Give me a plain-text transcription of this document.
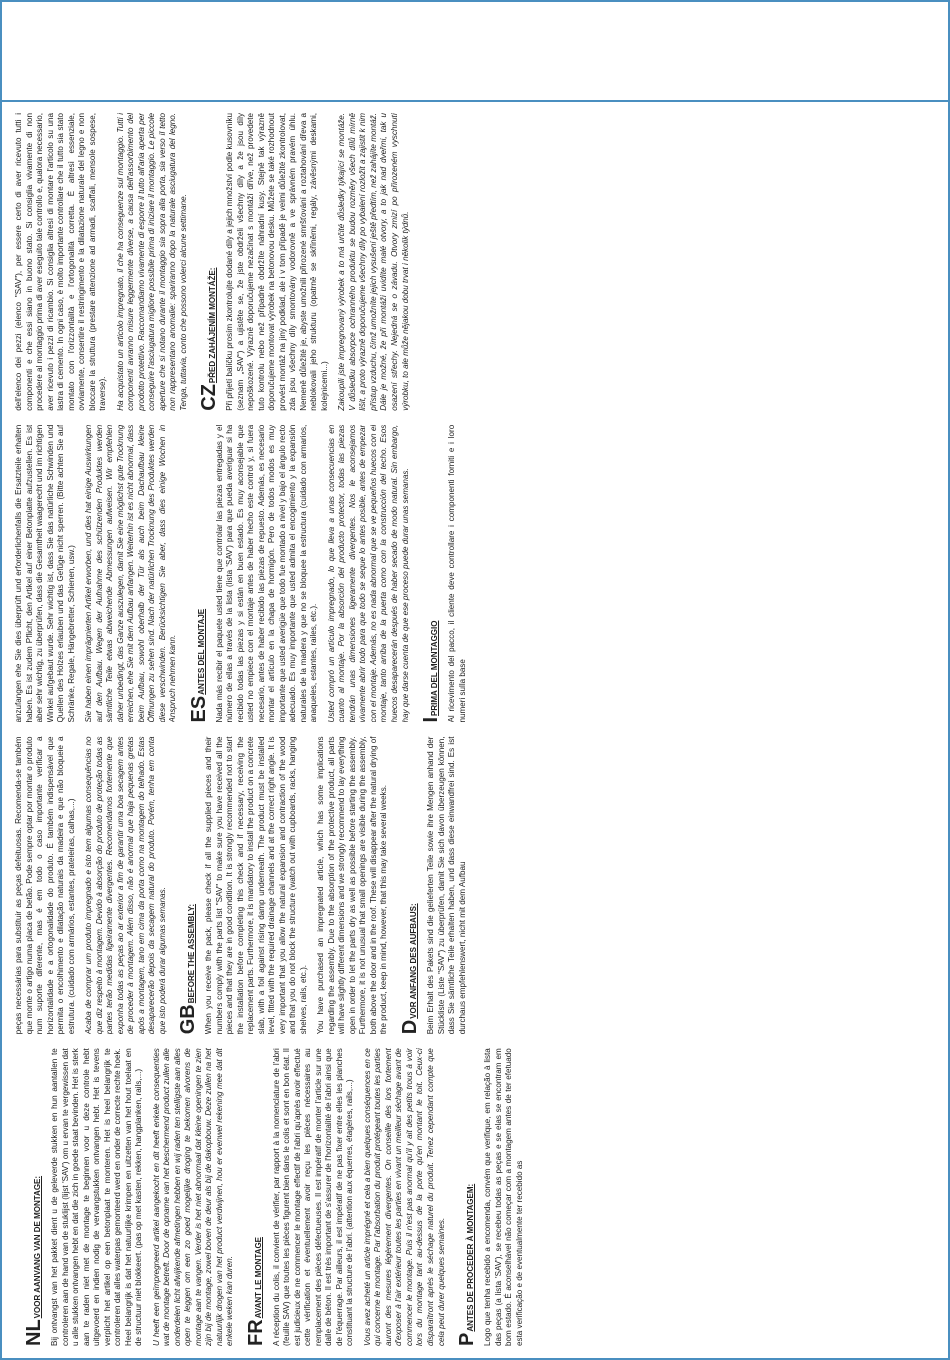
NL
VOOR AANVANG VAN DE MONTAGE: Bij ontvangst van het pakket dient u de geleverde stukken en hun aantallen te controleren aan de hand van de stuklijst (lijst 'SAV') om u ervan te vergewissen dat u alle stukken ontvangen hebt en dat die zich in goede staat bevinden. Het is sterk aan te raden niet met de montage te beginnen voor u deze controle hebt uitgevoerd en indien nodig de vervangstukken ontvangen hebt. Het is tevens verplicht het artikel op een betonplaat te monteren. Het is heel belangrijk te controleren dat alles waterpas gemonteerd werd en onder de correcte rechte hoek. Heel belangrijk is dat het natuurlijke krimpen en uitzetten van het hout toelaat en de structuur niet blokkeert. (pas op met kasten, rekken, hangplanken, rails,...) U heeft een geïmpregneerd artikel aangekocht en dit heeft enkele consequenties wat de montage betreft. Door de opname van het beschermend product zullen alle onderdelen licht afwijkende afmetingen hebben en wij raden ten stelligste aan alles open te leggen om een zo goed mogelijke droging te bekomen alvorens de montage aan te vangen. Verder is het niet abnormaal dat kleine openingen te zien zijn bij de montage, zowel boven de deur als bij de dakopbouw. Deze zullen na het natuurlijk drogen van het product verdwijnen, hou er evenwel rekening mee dat dit enkele weken kan duren. FR
AVANT LE MONTAGE A réception du colis, il convient de vérifier, par rapport à la nomenclature de l'abri (feuille SAV) que toutes les pièces figurent bien dans le colis et sont en bon état. Il est judicieux de ne commencer le montage effectif de l'abri qu'après avoir effectué cette vérification et éventuellement avoir reçu les pièces nécessaires au remplacement des pièces défectueuses. Il est impératif de monter l'article sur une dalle de béton. Il est très important de s'assurer de l'horizontalité de l'abri ainsi que de l'équerrage. Par ailleurs, il est impératif de ne pas fixer entre elles les planches constituant la structure de l'abri. (attention aux équerres, étagères, rails,...) Vous avez acheté un article imprégné et cela a bien quelques conséquences en ce qui concerne le montage. Par l'absorbation du produit protégeant toutes les parties auront des mesures légèrement divergentes. On conseille dès lors fortement d'exposer à l'air extérieur toutes les parties en vivant un meilleur séchage avant de commencer le montage. Puis il n'est pas anormal qu'il y ait des petits trous à voir lors du montage tant au-dessus de la porte qu'en montant le toit. Ceux-ci disparaîtront après le séchage naturel du produit. Tenez cependant compte que cela peut durer quelques semaines. P
ANTES DE PROCEDER À MONTAGEM: Logo que tenha recebido a encomenda, convém que verifique, em relação à lista das peças (a lista 'SAV'), se recebeu todas as peças e se elas se encontram em bom estado. É aconselhável não começar com a montagem antes de ter efetuado esta verificação e de eventualmente ter recebido as

peças necessárias para substituir as peças defeituosas. Recomenda-se também que monte o artigo numa placa de betão. Pode sempre optar por montar o produto num suporte diferente, mas é em todo o caso importante verificar a horizontalidade e a ortogonalidade do produto. É também indispensável que permita o encolhimento e dilatação naturais da madeira e que não bloqueie a estrutura. (cuidado com armários, estantes, prateleiras, calhas,...) Acaba de comprar um produto impregnado e isto tem algumas consequências no que diz respeito à montagem. Devido à absorção do produto de proteção todas as partes terão medidas ligeiramente divergentes. Recomendamos fortemente que exponha todas as peças ao ar exterior a fim de garantir uma boa secagem antes de proceder à montagem. Além disso, não é anormal que haja pequenas gretas após a montagem, tano em cima da porta como na montagem do telhado. Estas desaparecerão depois da secagem natural do produto. Porém, tenha em conta que isto poderá durar algumas semanas. GB
BEFORE THE ASSEMBLY: When you receive the pack, please check if all the supplied pieces and their numbers comply with the parts list "SAV" to make sure you have received all the pieces and that they are in good condition. It is strongly recommended not to start the installation before completing this check and if necessary, receiving the replacement parts. Furthermore, it is mandatory to install the product on a concrete slab, with a foil against rising damp underneath. The product must be installed level, fitted with the required drainage channels and at the correct right angle. It is very important that you allow the natural expansion and contraction of the wood and that you do not block the structure (watch out with cupboards, racks, hanging shelves, rails, etc.). You have purchased an impregnated article, which has some implications regarding the assembly. Due to the absorption of the protective product, all parts will have slightly different dimensions and we strongly recommend to lay everything open in order to let the parts dry as well as possible before starting the assembly. Furthermore, it is not unusual that small openings are visible during the assembly, both above the door and in the roof. These will disappear after the natural drying of the product, keep in mind, however, that this may take several weeks. D
VOR ANFANG DES AUFBAUS: Beim Erhalt des Pakets sind die gelieferten Teile sowie ihre Mengen anhand der Stückliste (Liste "SAV") zu überprüfen, damit Sie sich davon überzeugen können, dass Sie sämtliche Teile erhalten haben, und dass diese einwandfrei sind. Es ist durchaus empfehlenswert, nicht mit dem Aufbau

anzufangen ehe Sie dies überprüft und erforderlichenfalls die Ersatzteile erhalten haben. Es ist zudem Pflicht, den Artikel auf einer Betonplatte aufzustellen. Es ist aber sehr wichtig, zu überprüfen, dass die Gesamtheit waagerecht und im richtigen Winkel aufgebaut wurde. Sehr wichtig ist, dass Sie das natürliche Schwinden und Quellen des Holzes erlauben und das Gefüge nicht sperren. (Bitte achten Sie auf Schränke, Regale, Hängebretter, Schienen, usw.) Sie haben einen imprägnierten Artikel erworben, und dies hat einige Auswirkungen auf den Aufbau. Wegen der Aufnahme des schützenden Produktes werden sämtliche Teile etwas abweichende Abmessungen aufweisen. Wir empfehlen daher unbedingt, das Ganze auszulegen, damit Sie eine möglichst gute Trocknung erreichen, ehe Sie mit dem Aufbau anfangen. Weiterhin ist es nicht abnormal, dass beim Aufbau, sowohl oberhalb der Tür als auch beim Dachaufbau kleine Öffnungen zu sehen sind. Nach der natürlichen Trocknung des Produktes werden diese verschwinden. Berücksichtigen Sie aber, dass dies einige Wochen in Anspruch nehmen kann. ES
ANTES DEL MONTAJE Nada más recibir el paquete usted tiene que controlar las piezas entregadas y el número de ellas a través de la lista (lista 'SAV') para que pueda averiguar si ha recibido todas las piezas y si están en buen estado. Es muy aconsejable que usted no empiece con el montaje antes de haber hecho este control y, si fuera necesario, antes de haber recibido las piezas de repuesto. Además, es necesario montar el artículo en la chapa de hormigón. Pero de todos modos es muy importante que usted averigüe que todo fue montado a nivel y bajo el ángulo recto adecuado. Es muy importante que usted admita el encogimiento y la expansión naturales de la madera y que no se bloquee la estructura (cuidado con armarios, anaqueles, estantes, railes, etc.). Usted compró un artículo impregnado, lo que lleva a unas consecuencias en cuanto al montaje. Por la absorción del producto protector, todas las piezas tendrán unas dimensiones ligeramente divergentes. Nos le aconsejamos vivamente abrir todo para que todo se seque lo antes posible, antes de empezar con el montaje. Además, no es nada abnormal que se ve pequeños huecos con el montaje, tanto arriba de la puerta como con la construcción del techo. Esos huecos desaparecerán después de haber secado de modo natural. Sin embargo, hay que darse cuenta de que ese proceso puede durar unas semanas. I
PRIMA DEL MONTAGGIO Al ricevimento del pacco, il cliente deve controllare i componenti forniti e i loro numeri sulla base

dell'elenco dei pezzi (elenco "SAV"), per essere certo di aver ricevuto tutti i componenti e che essi siano in buono stato. Si consiglia vivamente di non procedere al montaggio prima di aver eseguito tale controllo e, qualora necessario, aver ricevuto i pezzi di ricambio. Si consiglia altresì di montare l'articolo su una lastra di cemento. In ogni caso, è molto importante controllare che il tutto sia stato montato con l'orizzontalità e l'ortogonalità corretta. È altresì essenziale, ovviamente, consentire il restringimento e la dilatazione naturale del legno e non bloccare la struttura (prestare attenzione ad armadi, scaffali, mensole sospese, traverse). Ha acquistato un articolo impregnato, il che ha conseguenze sul montaggio. Tutti i componenti avranno misure leggermente diverse, a causa dell'assorbimento del prodotto protettivo. Raccomandiamo vivamente di esporre il tutto all'aria aperta per conseguire l'asciugatura migliore possibile prima di iniziare il montaggio. Le piccole aperture che si notano durante il montaggio sia sopra alla porta, sia verso il tetto non rappresentano anomalie: spariranno dopo la naturale asciugatura del legno. Tenga, tuttavia, conto che possono volerci alcune settimane. CZ
PŘED ZAHÁJENÍM MONTÁŽE: Při přijetí balíčku prosím zkontrolujte dodané díly a jejich množství podle kusovníku (seznam „SAV“) a ujistěte se, že jste obdrželi všechny díly a že jsou díly nepoškozené. Výrazně doporučujeme nezačínat s montáží dříve, než provedete tuto kontrolu nebo než případně obdržíte náhradní kusy. Stejně tak výrazně doporučujeme montovat výrobek na betonovou desku. Můžete se také rozhodnout provést montáž na jiný podklad, ale i v tom případě je velmi důležité zkontrolovat, zda jsou všechny díly smontovány vodorovně a ve správném pravém úhlu. Nemeně důležité je, abyste umožnili přirozené smršťování a roztahování dřeva a neblokovali jeho strukturu (opatrně se skříněmi, regály, závěsnými deskami, kolejnicemi...) Zakoupili jste impregnovaný výrobek a to má určité důsledky týkající se montáže. V důsledku absorpce ochranného produktu se budou rozměry všech dílů mírně lišit, a proto výrazně doporučujeme všechny díly po vybalení rozložit a zajistit k nim přístup vzduchu, čímž umožníte jejich vysušení ještě předtím, než zahájíte montáž. Dále je možné, že při montáži uvidíte malé otvory, a to jak nad dveřmi, tak u osazení střechy. Nejedná se o závadu. Otvory zmizí po přirozeném vyschnutí výrobku, to ale může nějakou dobu trvat i několik týdnů.
